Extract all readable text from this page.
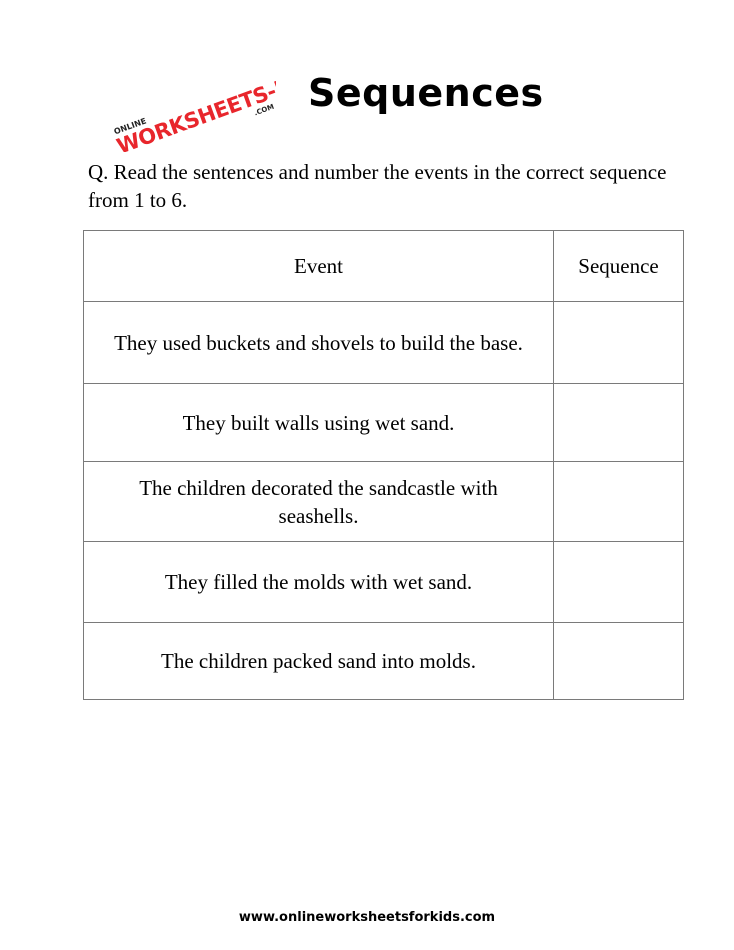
ONLINE
WORKSHEETS-KIDS
.COM Sequences

Q. Read the sentences and number the events in the correct sequence from 1 to 6.

Event	Sequence
They used buckets and shovels to build the base.	
They built walls using wet sand.	
The children decorated the sandcastle with seashells.	
They filled the molds with wet sand.	
The children packed sand into molds.	
www.onlineworksheetsforkids.com
